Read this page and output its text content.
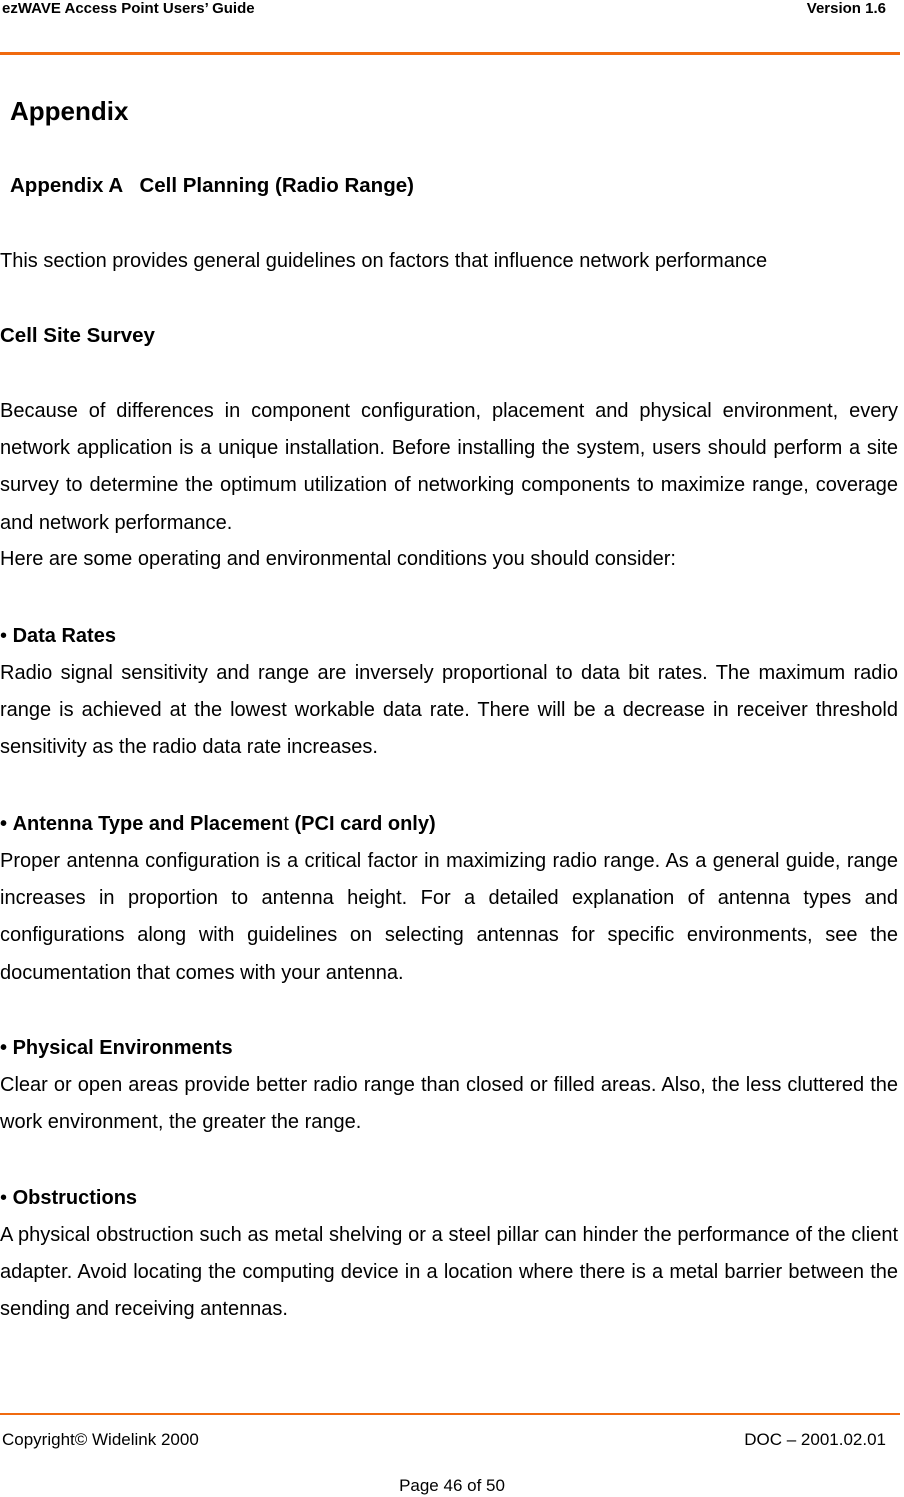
ezWAVE Access Point Users’ Guide	Version 1.6
Appendix
Appendix A   Cell Planning (Radio Range)

This section provides general guidelines on factors that influence network performance

Cell Site Survey

Because of differences in component configuration, placement and physical environment, every network application is a unique installation. Before installing the system, users should perform a site survey to determine the optimum utilization of networking components to maximize range, coverage and network performance.

Here are some operating and environmental conditions you should consider:

• Data Rates

Radio signal sensitivity and range are inversely proportional to data bit rates. The maximum radio range is achieved at the lowest workable data rate. There will be a decrease in receiver threshold sensitivity as the radio data rate increases.

• Antenna Type and Placement (PCI card only)

Proper antenna configuration is a critical factor in maximizing radio range. As a general guide, range increases in proportion to antenna height. For a detailed explanation of antenna types and configurations along with guidelines on selecting antennas for specific environments, see the documentation that comes with your antenna.

• Physical Environments

Clear or open areas provide better radio range than closed or filled areas. Also, the less cluttered the work environment, the greater the range.

• Obstructions

A physical obstruction such as metal shelving or a steel pillar can hinder the performance of the client adapter. Avoid locating the computing device in a location where there is a metal barrier between the sending and receiving antennas.

Copyright© Widelink 2000	DOC – 2001.02.01
Page 46 of 50
